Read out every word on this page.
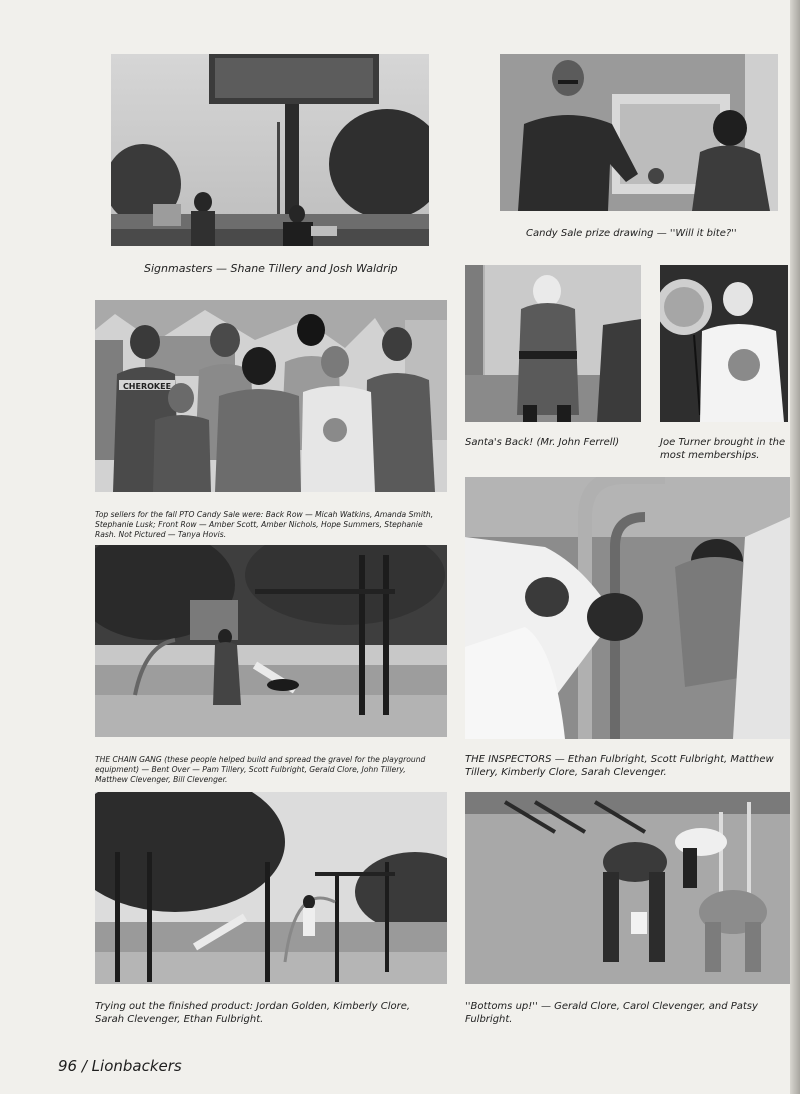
Signmasters — Shane Tillery and Josh Waldrip
Candy Sale prize drawing — ''Will it bite?''
CHEROKEE
Top sellers for the fall PTO Candy Sale were: Back Row — Micah Watkins, Amanda Smith, Stephanie Lusk; Front Row — Amber Scott, Amber Nichols, Hope Summers, Stephanie Rash. Not Pictured — Tanya Hovis.
Santa's Back! (Mr. John Ferrell)	Joe Turner brought in the most memberships.
THE CHAIN GANG (these people helped build and spread the gravel for the playground equipment) — Bent Over — Pam Tillery, Scott Fulbright, Gerald Clore, John Tillery, Matthew Clevenger, Bill Clevenger.
THE INSPECTORS — Ethan Fulbright, Scott Fulbright, Matthew Tillery, Kimberly Clore, Sarah Clevenger.
Trying out the finished product: Jordan Golden, Kimberly Clore, Sarah Clevenger, Ethan Fulbright.
''Bottoms up!'' — Gerald Clore, Carol Clevenger, and Patsy Fulbright.
96 / Lionbackers
